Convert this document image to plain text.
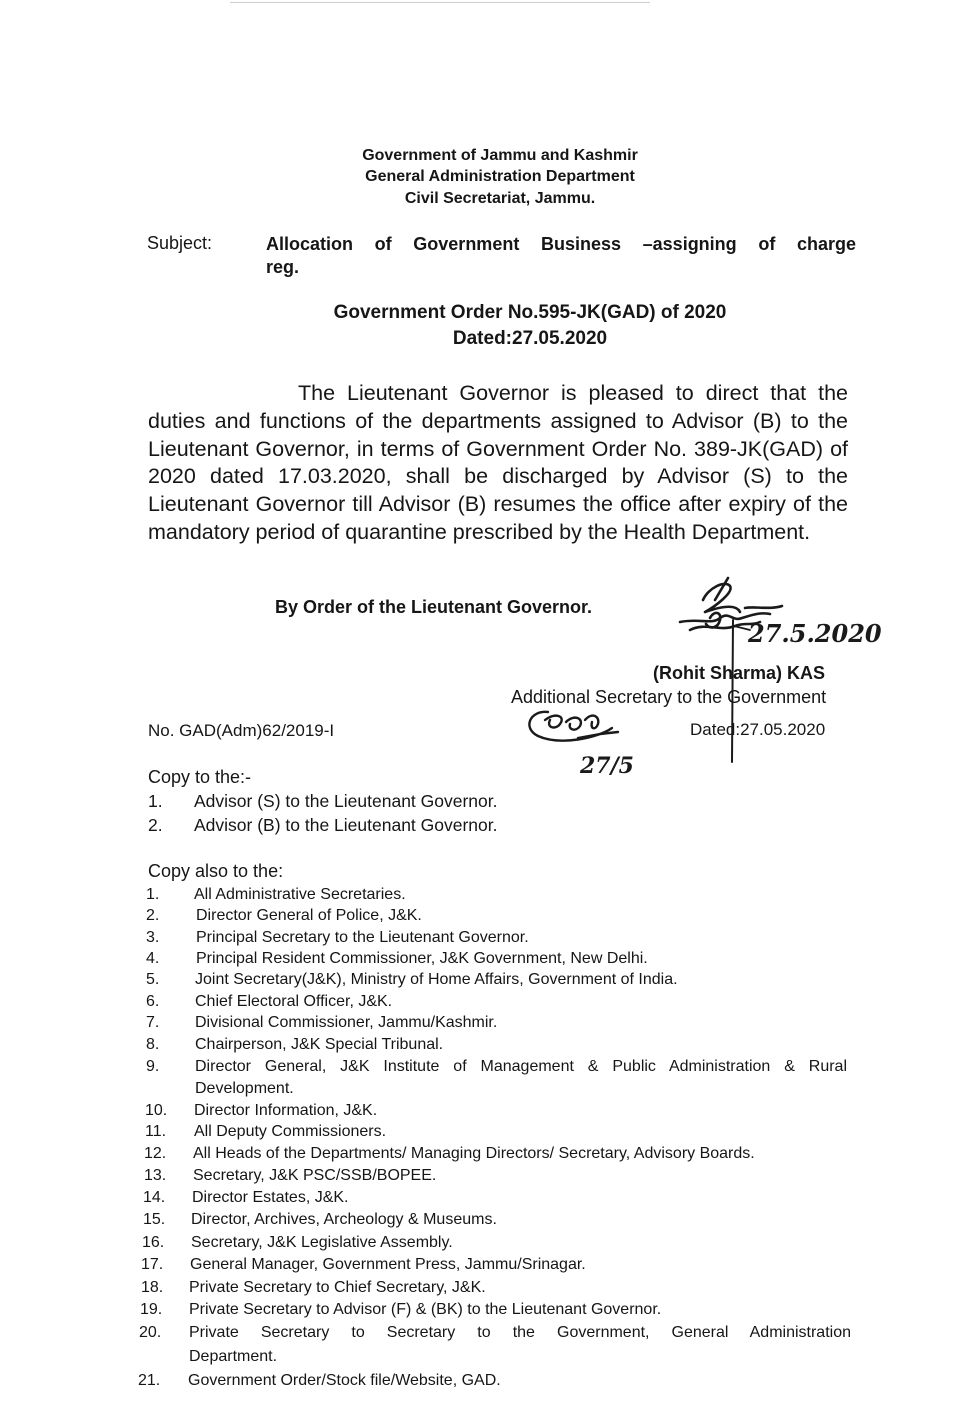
Government of Jammu and Kashmir
General Administration Department
Civil Secretariat, Jammu.
Subject:	Allocation of Government Business –assigning of charge
reg.
Government Order No.595-JK(GAD) of 2020
Dated:27.05.2020
The Lieutenant Governor is pleased to direct that the duties and functions of the departments assigned to Advisor (B) to the Lieutenant Governor, in terms of Government Order No. 389-JK(GAD) of 2020 dated 17.03.2020, shall be discharged by Advisor (S) to the Lieutenant Governor till Advisor (B) resumes the office after expiry of the mandatory period of quarantine prescribed by the Health Department.
By Order of the Lieutenant Governor.
27.5.2020
27/5
(Rohit Sharma) KAS
Additional Secretary to the Government
No. GAD(Adm)62/2019-I	Dated:27.05.2020
Copy to the:-
1. Advisor (S) to the Lieutenant Governor.
2. Advisor (B) to the Lieutenant Governor.
Copy also to the:
1. All Administrative Secretaries.
2. Director General of Police, J&K.
3. Principal Secretary to the Lieutenant Governor.
4. Principal Resident Commissioner, J&K Government, New Delhi.
5. Joint Secretary(J&K), Ministry of Home Affairs, Government of India.
6. Chief Electoral Officer, J&K.
7. Divisional Commissioner, Jammu/Kashmir.
8. Chairperson, J&K Special Tribunal.
9. Director General, J&K Institute of Management & Public Administration & Rural
Development.
10. Director Information, J&K.
11. All Deputy Commissioners.
12. All Heads of the Departments/ Managing Directors/ Secretary, Advisory Boards.
13. Secretary, J&K PSC/SSB/BOPEE.
14. Director Estates, J&K.
15. Director, Archives, Archeology & Museums.
16. Secretary, J&K Legislative Assembly.
17. General Manager, Government Press, Jammu/Srinagar.
18. Private Secretary to Chief Secretary, J&K.
19. Private Secretary to Advisor (F) & (BK) to the Lieutenant Governor.
20. Private Secretary to Secretary to the Government, General Administration
Department.
21. Government Order/Stock file/Website, GAD.
